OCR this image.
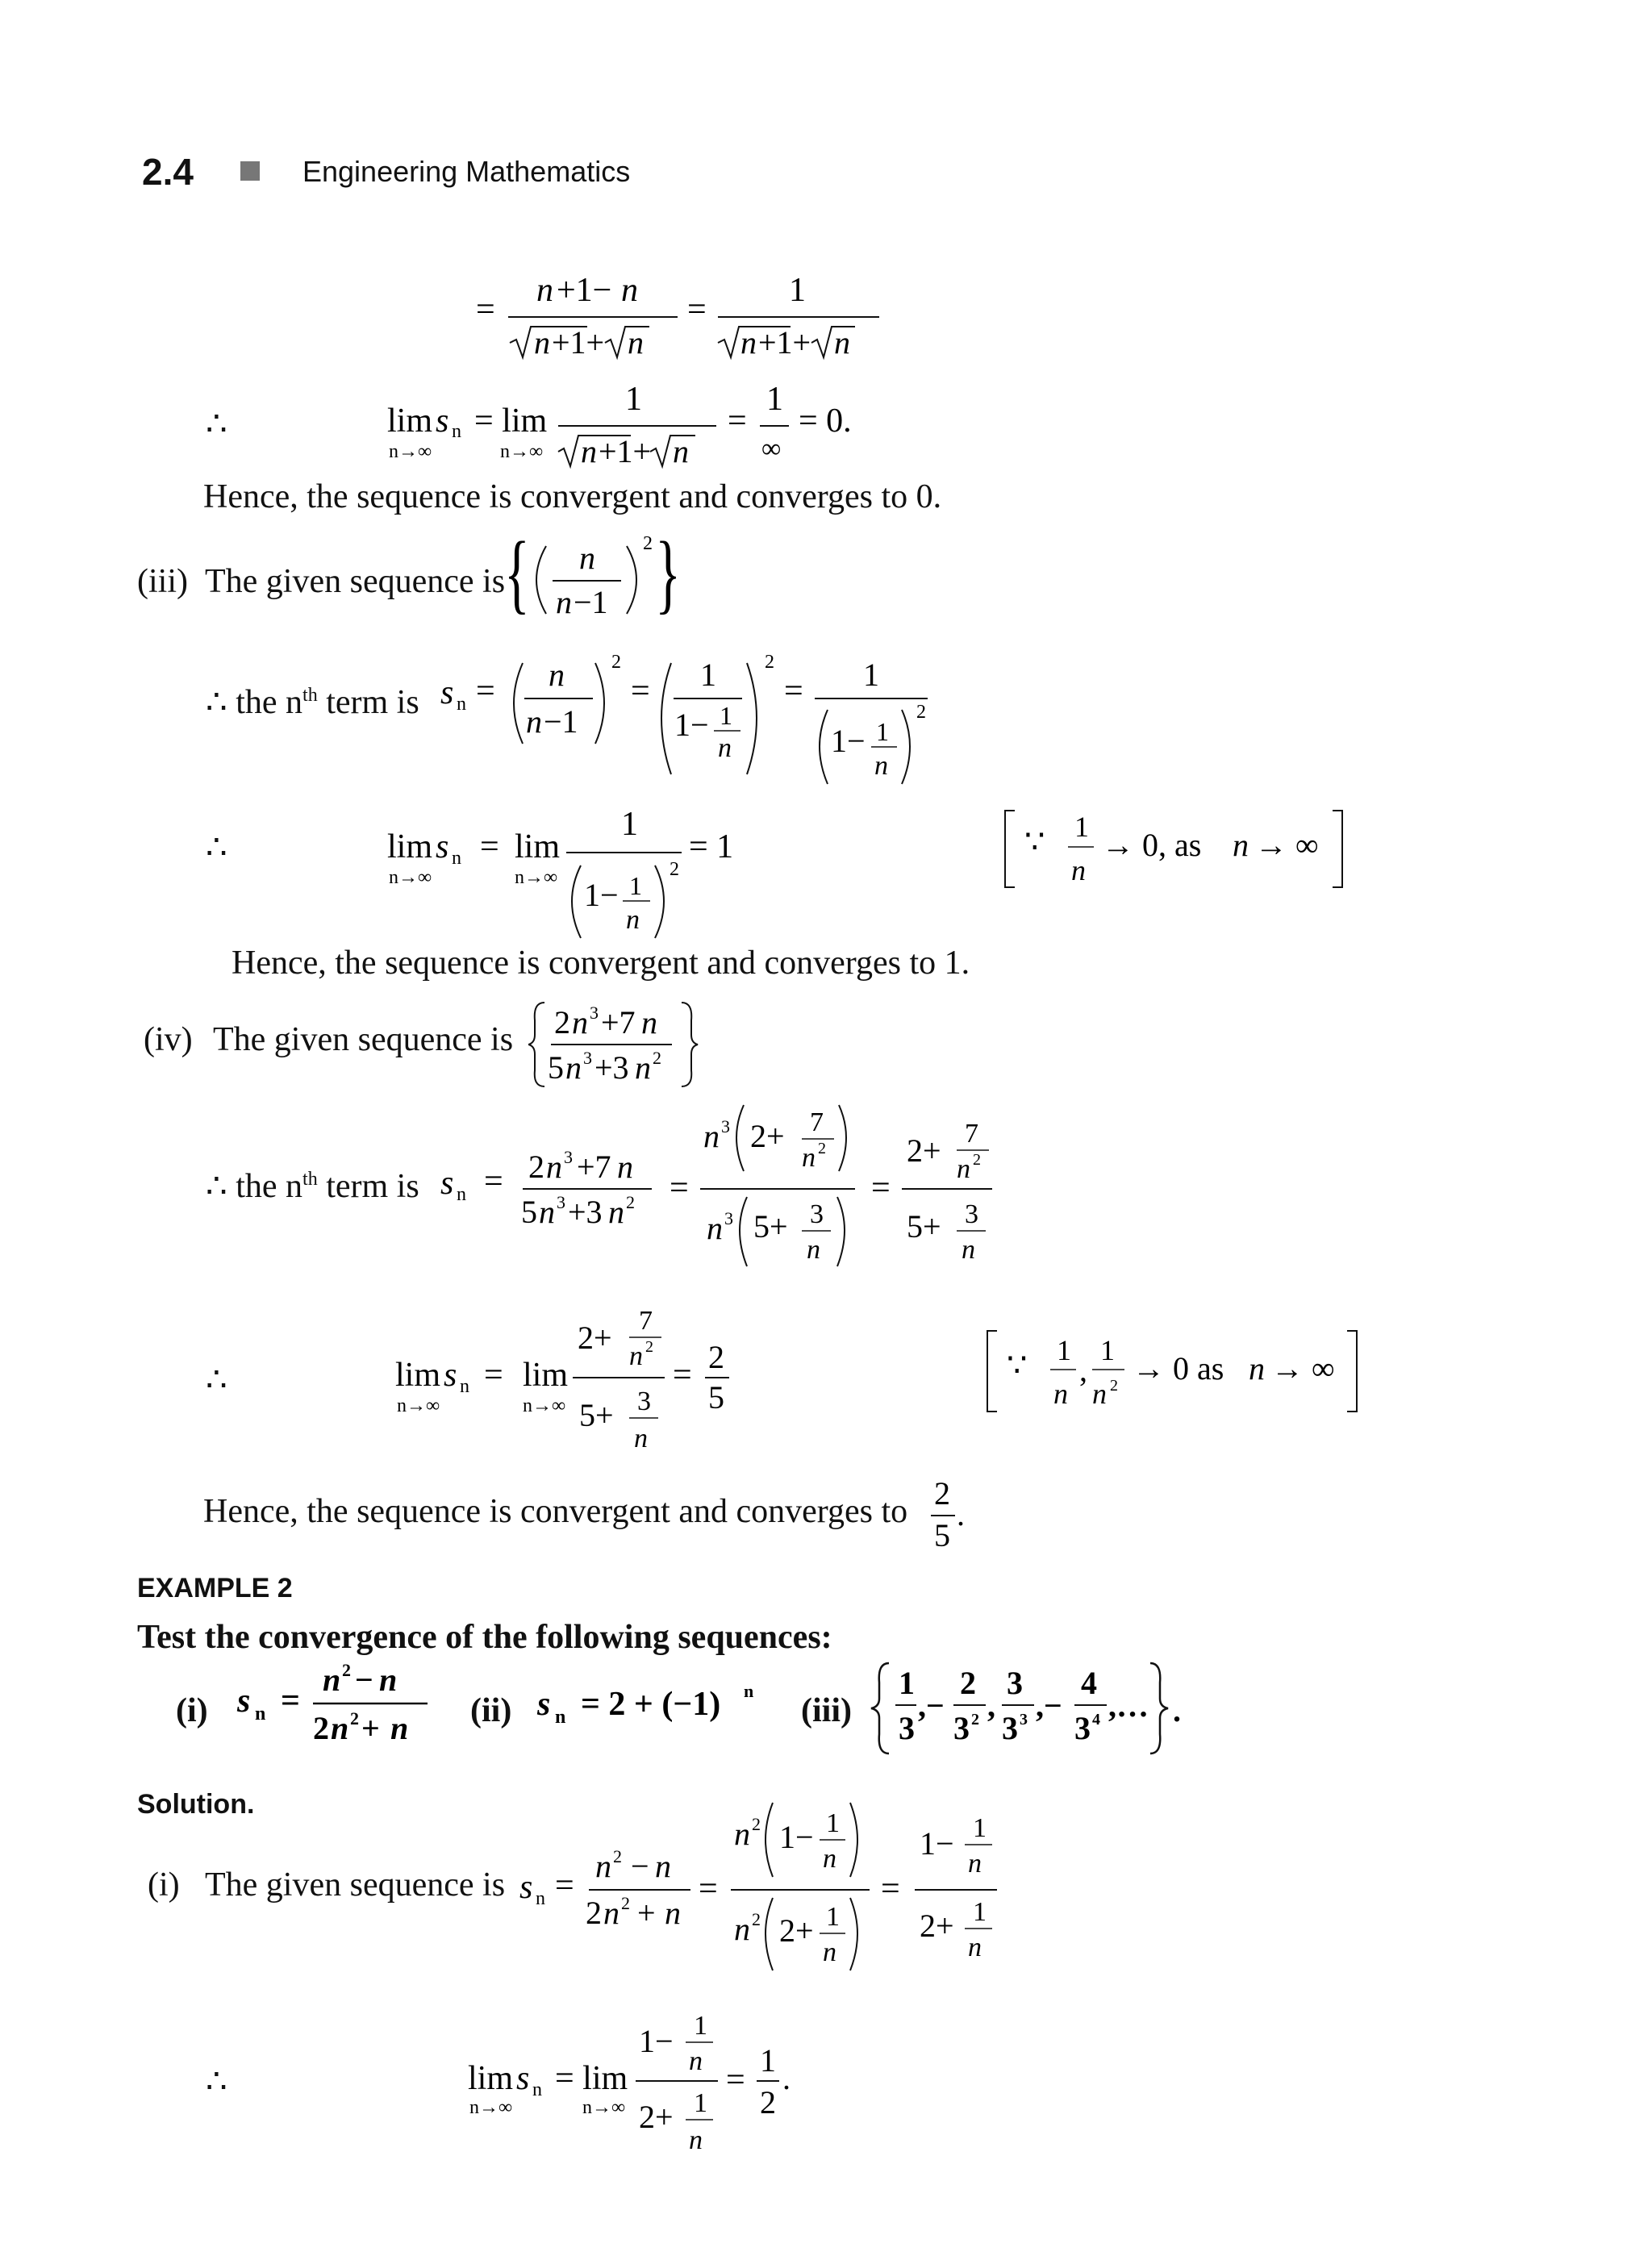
2.4	Engineering Mathematics
=
n +1− n
n +1+ n
=
1
n +1+ n
∴	lim s n
n→∞
= lim
n→∞
1
n +1+ n
=
1
∞
= 0.
Hence, the sequence is convergent and converges to 0.
(iii) The given sequence is
{ n
n −1
2 }
∴ the $n^{th}$ term is s n = n
n −1
2
= 1
1− 1
n
2
= 1
1− 1
n
2
∴	lim s n
n→∞
= lim
n→∞
1
1− 1
n
2
= 1	∵ 1
n
→ 0, as n → ∞
Hence, the sequence is convergent and converges to 1.
(iv) The given sequence is 2 n 3 +7 n
5 n 3 +3 n 2
∴ the $n^{th}$ term is s n = 2 n 3 +7 n
5 n 3 +3 n 2 =
n 3 2+ 7
n 2
n 3 5+ 3
n
=
2+ 7
n 2
5+ 3
n
∴	lim s n
n→∞
= lim
n→∞
2+ 7
n 2
5+ 3
n
= 2
5
∵ 1
n
,
1
n 2 → 0 as n → ∞
Hence, the sequence is convergent and converges to 2
5
.
EXAMPLE 2
Test the convergence of the following sequences:
(i) s n =
n 2 − n
2 n 2 + n (ii) s n = 2 + (−1) n
(iii)
1
3
,−
2
3 2 ,
3
3 3 ,−
4
3 4 ,… .
Solution.
(i) The given sequence is s n =
n 2 − n
2 n 2 + n
=
n 2 1− 1
n
n 2 2+ 1
n
=
1− 1
n
2+ 1
n
∴	lim s n
n→∞
= lim
n→∞
1− 1
n
2+ 1
n
=
1
2
.
